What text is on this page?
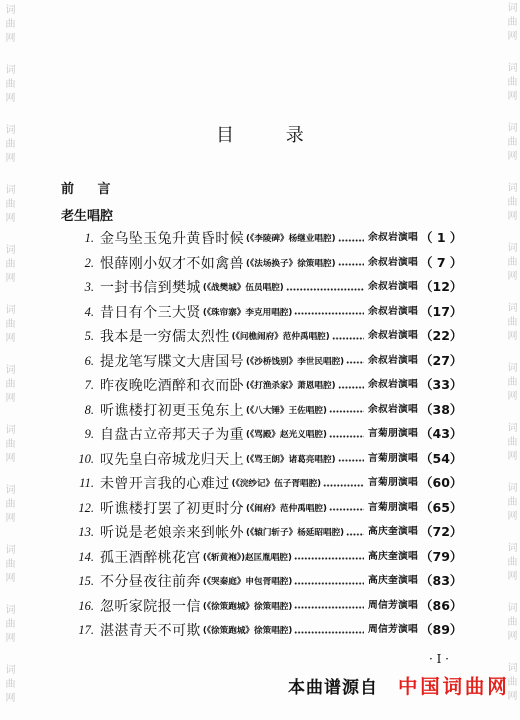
词曲网
词曲网
词曲网
词曲网
词曲网
词曲网
词曲网
词曲网
词曲网
词曲网
词曲网
词曲网
词曲网
词曲网
词曲网
词曲网
词曲网
词曲网
词曲网
词曲网
词曲网
词曲网
词曲网
词曲网
目 录
前 言
老生唱腔
1. 金乌坠玉兔升黄昏时候 (《李陵碑》杨继业唱腔)	余叔岩演唱 （ 1 ）
2. 恨薛刚小奴才不如禽兽 (《法场换子》徐策唱腔)	余叔岩演唱 （ 7 ）
3. 一封书信到樊城 (《战樊城》伍员唱腔)	余叔岩演唱 （12）
4. 昔日有个三大贤 (《珠帘寨》李克用唱腔)	余叔岩演唱 （17）
5. 我本是一穷儒太烈性 (《问樵闹府》范仲禹唱腔)	余叔岩演唱 （22）
6. 提龙笔写牒文大唐国号 (《沙桥饯别》李世民唱腔) 余叔岩演唱 （27）
7. 昨夜晚吃酒醉和衣而卧 (《打渔杀家》萧恩唱腔)	余叔岩演唱 （33）
8. 听谯楼打初更玉兔东上 (《八大锤》王佐唱腔)	余叔岩演唱 （38）
9. 自盘古立帝邦天子为重 (《骂殿》赵光义唱腔)	言菊朋演唱 （43）
10. 叹先皇白帝城龙归天上 (《骂王朗》诸葛亮唱腔)	言菊朋演唱 （54）
11. 未曾开言我的心难过 (《浣纱记》伍子胥唱腔)	言菊朋演唱 （60）
12. 听谯楼打罢了初更时分 (《闹府》范仲禹唱腔)	言菊朋演唱 （65）
13. 听说是老娘亲来到帐外 (《辕门斩子》杨延昭唱腔) 高庆奎演唱 （72）
14. 孤王酒醉桃花宫 (《斩黄袍》)赵匡胤唱腔)	高庆奎演唱 （79）
15. 不分昼夜往前奔 (《哭秦庭》申包胥唱腔)	高庆奎演唱 （83）
16. 忽听家院报一信 (《徐策跑城》徐策唱腔)	周信芳演唱 （86）
17. 湛湛青天不可欺 (《徐策跑城》徐策唱腔)	周信芳演唱 （89）
· I ·
本曲谱源自 中国词曲网
